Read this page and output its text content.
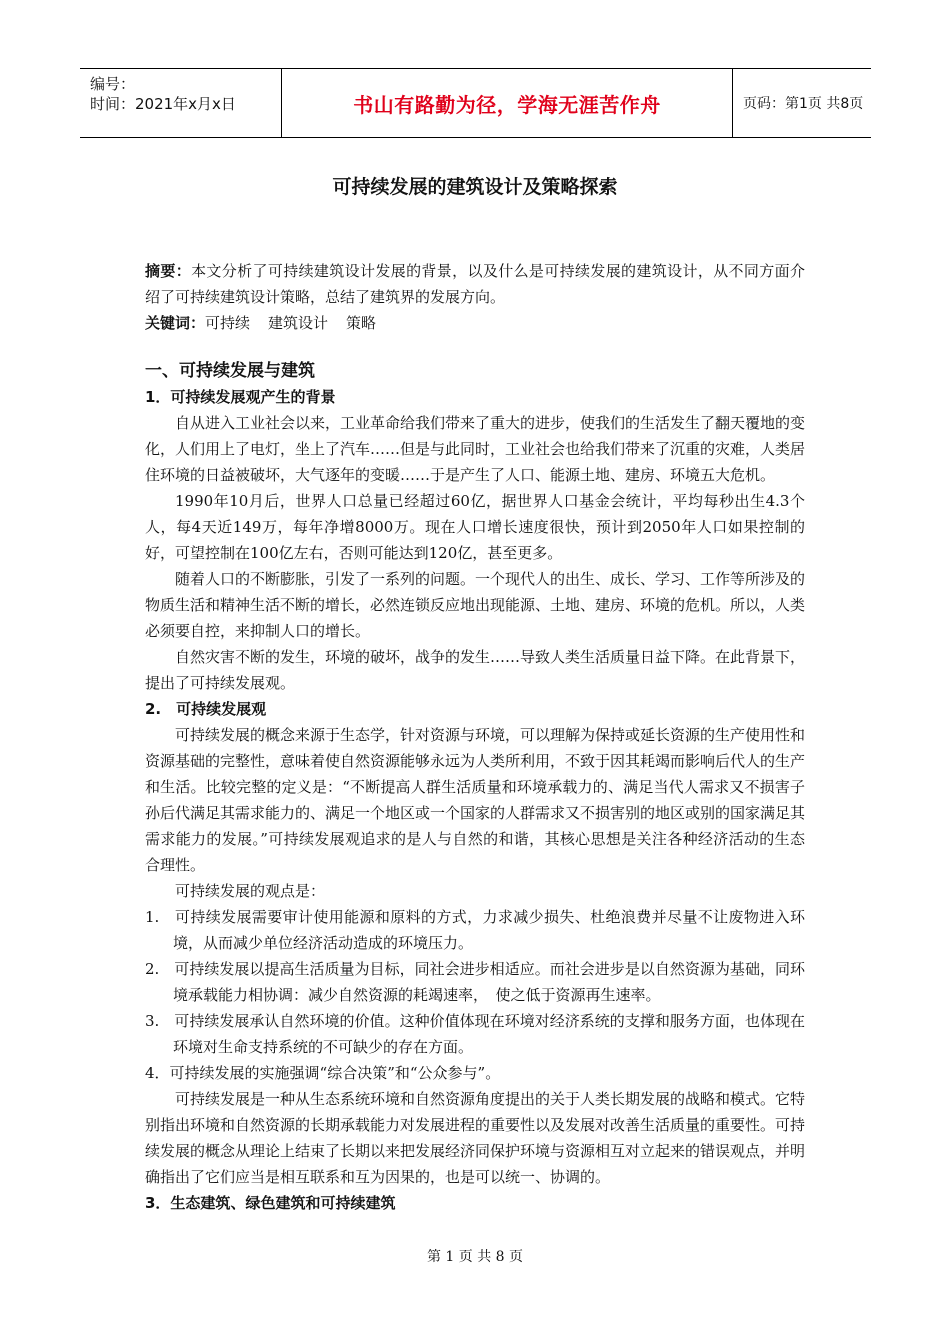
编号：
时间：2021年x月x日	书山有路勤为径，学海无涯苦作舟	页码：第1页 共8页
可持续发展的建筑设计及策略探索

摘要：本文分析了可持续建筑设计发展的背景，以及什么是可持续发展的建筑设计，从不同方面介绍了可持续建筑设计策略，总结了建筑界的发展方向。

关键词：可持续 建筑设计 策略

一、可持续发展与建筑

1．可持续发展观产生的背景

自从进入工业社会以来，工业革命给我们带来了重大的进步，使我们的生活发生了翻天覆地的变化，人们用上了电灯，坐上了汽车……但是与此同时，工业社会也给我们带来了沉重的灾难，人类居住环境的日益被破坏，大气逐年的变暖……于是产生了人口、能源土地、建房、环境五大危机。

1990年10月后，世界人口总量已经超过60亿，据世界人口基金会统计，平均每秒出生4.3个人，每4天近149万，每年净增8000万。现在人口增长速度很快，预计到2050年人口如果控制的好，可望控制在100亿左右，否则可能达到120亿，甚至更多。

随着人口的不断膨胀，引发了一系列的问题。一个现代人的出生、成长、学习、工作等所涉及的物质生活和精神生活不断的增长，必然连锁反应地出现能源、土地、建房、环境的危机。所以，人类必须要自控，来抑制人口的增长。

自然灾害不断的发生，环境的破坏，战争的发生……导致人类生活质量日益下降。在此背景下，提出了可持续发展观。

2.　可持续发展观

可持续发展的概念来源于生态学，针对资源与环境，可以理解为保持或延长资源的生产使用性和资源基础的完整性，意味着使自然资源能够永远为人类所利用，不致于因其耗竭而影响后代人的生产和生活。比较完整的定义是：“不断提高人群生活质量和环境承载力的、满足当代人需求又不损害子孙后代满足其需求能力的、满足一个地区或一个国家的人群需求又不损害别的地区或别的国家满足其需求能力的发展。”可持续发展观追求的是人与自然的和谐，其核心思想是关注各种经济活动的生态合理性。

可持续发展的观点是：

1.　可持续发展需要审计使用能源和原料的方式，力求减少损失、杜绝浪费并尽量不让废物进入环境，从而减少单位经济活动造成的环境压力。

2.　可持续发展以提高生活质量为目标，同社会进步相适应。而社会进步是以自然资源为基础，同环境承载能力相协调：减少自然资源的耗竭速率，　使之低于资源再生速率。

3.　可持续发展承认自然环境的价值。这种价值体现在环境对经济系统的支撑和服务方面，也体现在环境对生命支持系统的不可缺少的存在方面。

4．可持续发展的实施强调“综合决策”和“公众参与”。

可持续发展是一种从生态系统环境和自然资源角度提出的关于人类长期发展的战略和模式。它特别指出环境和自然资源的长期承载能力对发展进程的重要性以及发展对改善生活质量的重要性。可持续发展的概念从理论上结束了长期以来把发展经济同保护环境与资源相互对立起来的错误观点，并明确指出了它们应当是相互联系和互为因果的，也是可以统一、协调的。

3．生态建筑、绿色建筑和可持续建筑

第 1 页 共 8 页
